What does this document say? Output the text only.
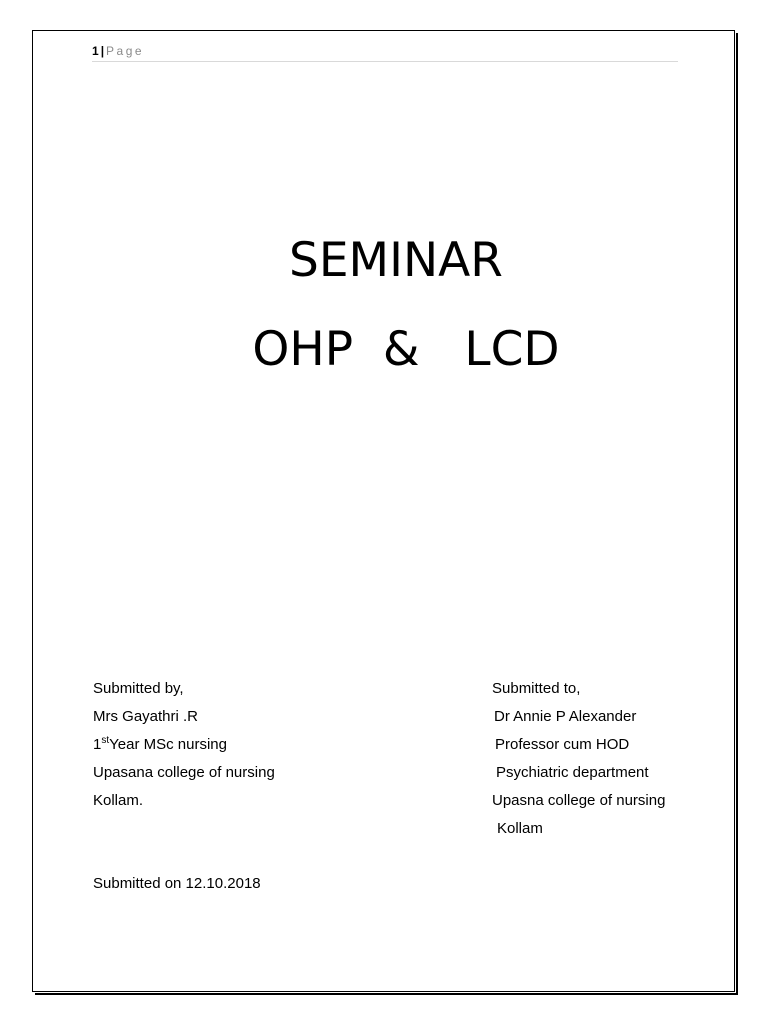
1 | Page
SEMINAR
OHP  &   LCD
Submitted by,
Mrs Gayathri .R
1stYear MSc nursing
Upasana college of nursing
Kollam.
Submitted to,
Dr Annie P Alexander
Professor cum HOD
Psychiatric department
Upasna college of nursing
Kollam
Submitted on 12.10.2018
